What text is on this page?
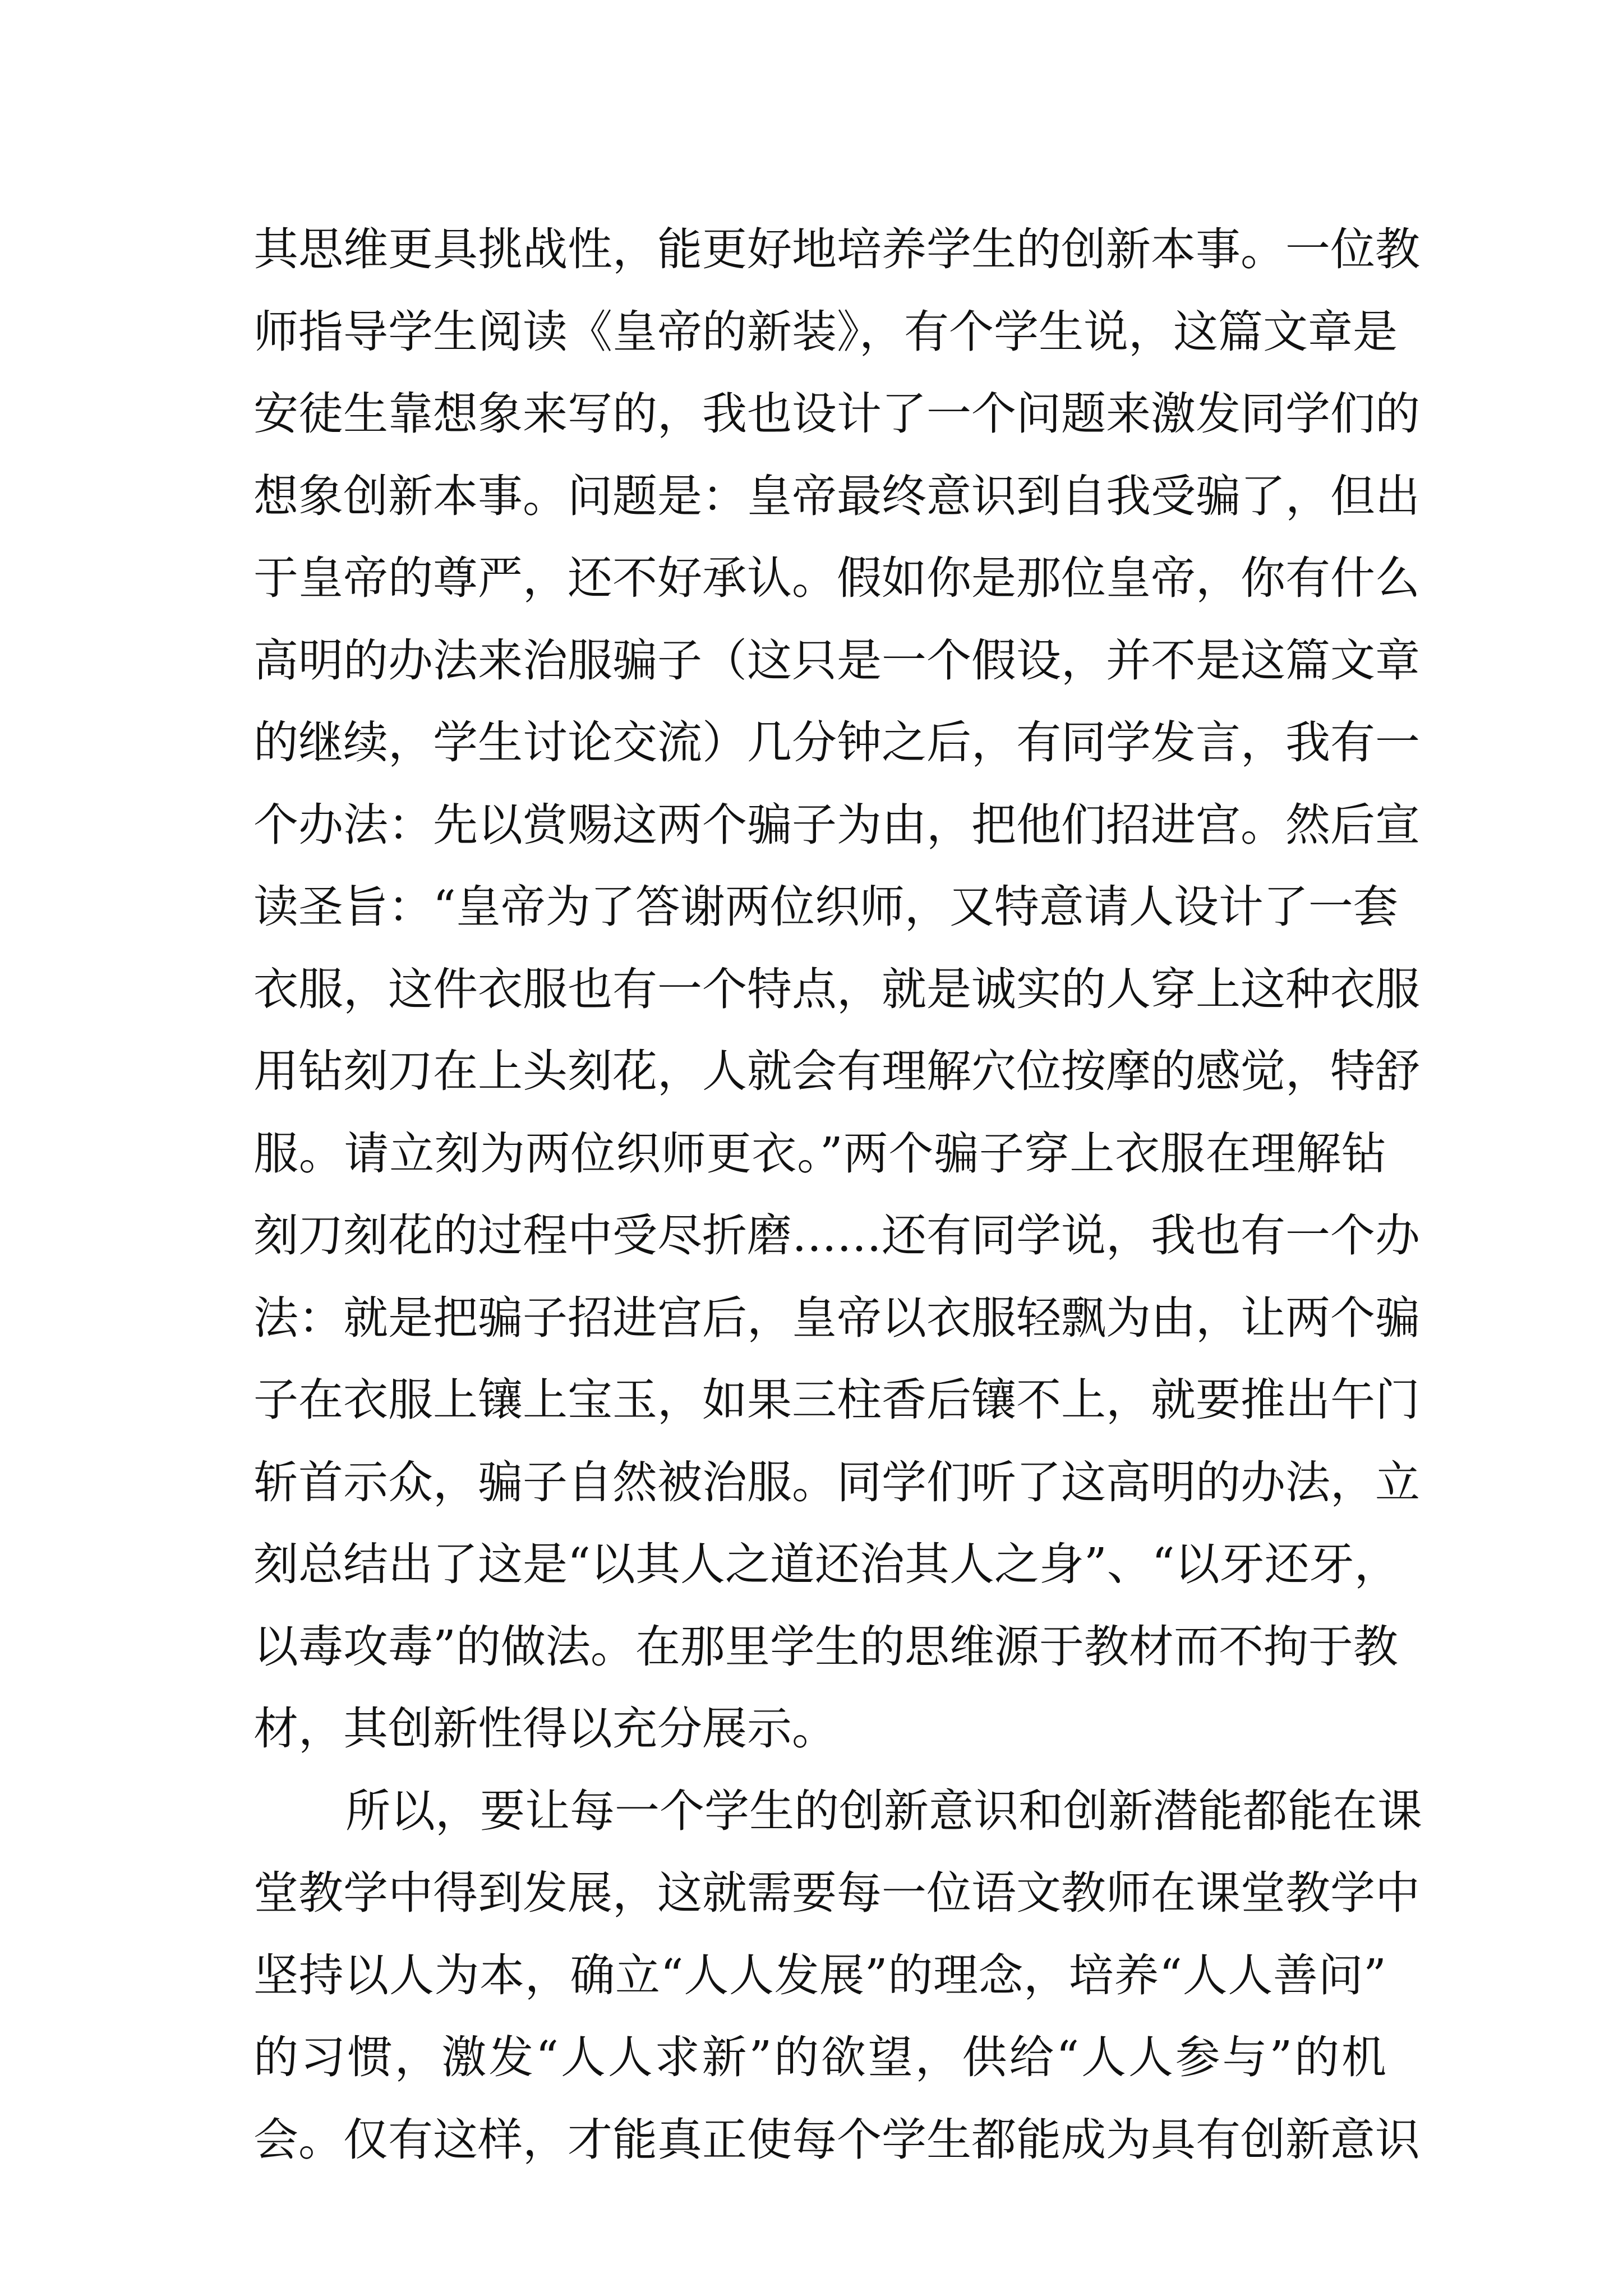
其思维更具挑战性，能更好地培养学生的创新本事。一位教
师指导学生阅读《皇帝的新装》，有个学生说，这篇文章是
安徒生靠想象来写的，我也设计了一个问题来激发同学们的
想象创新本事。问题是：皇帝最终意识到自我受骗了，但出
于皇帝的尊严，还不好承认。假如你是那位皇帝，你有什么
高明的办法来治服骗子（这只是一个假设，并不是这篇文章
的继续，学生讨论交流）几分钟之后，有同学发言，我有一
个办法：先以赏赐这两个骗子为由，把他们招进宫。然后宣
读圣旨：“皇帝为了答谢两位织师，又特意请人设计了一套
衣服，这件衣服也有一个特点，就是诚实的人穿上这种衣服
用钻刻刀在上头刻花，人就会有理解穴位按摩的感觉，特舒
服。请立刻为两位织师更衣。”两个骗子穿上衣服在理解钻
刻刀刻花的过程中受尽折磨……还有同学说，我也有一个办
法：就是把骗子招进宫后，皇帝以衣服轻飘为由，让两个骗
子在衣服上镶上宝玉，如果三柱香后镶不上，就要推出午门
斩首示众，骗子自然被治服。同学们听了这高明的办法，立
刻总结出了这是“以其人之道还治其人之身”、“以牙还牙，
以毒攻毒”的做法。在那里学生的思维源于教材而不拘于教
材，其创新性得以充分展示。
所以，要让每一个学生的创新意识和创新潜能都能在课
堂教学中得到发展，这就需要每一位语文教师在课堂教学中
坚持以人为本，确立“人人发展”的理念，培养“人人善问”
的习惯，激发“人人求新”的欲望，供给“人人参与”的机
会。仅有这样，才能真正使每个学生都能成为具有创新意识
